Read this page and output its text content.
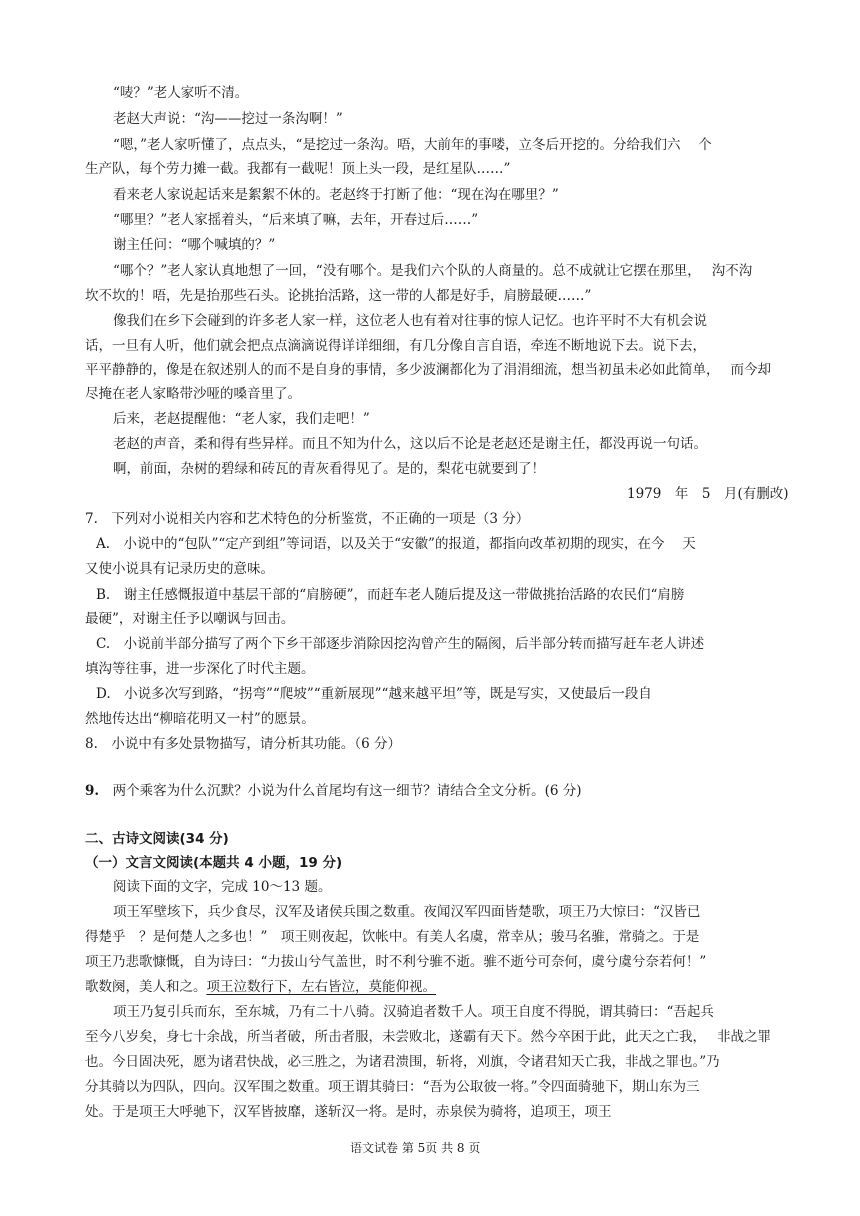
“唛？”老人家听不清。
老赵大声说：“沟——挖过一条沟啊！”
“嗯，”老人家听懂了，点点头，“是挖过一条沟。唔，大前年的事喽，立冬后开挖的。分给我们六　 个
生产队，每个劳力摊一截。我都有一截呢！顶上头一段，是红星队……”
看来老人家说起话来是絮絮不休的。老赵终于打断了他：“现在沟在哪里？”
“哪里？”老人家摇着头，“后来填了嘛，去年，开春过后……”
谢主任问：“哪个喊填的？”
“哪个？”老人家认真地想了一回，“没有哪个。是我们六个队的人商量的。总不成就让它摆在那里，　 沟不沟
坎不坎的！唔，先是抬那些石头。论挑抬活路，这一带的人都是好手，肩膀最硬……”
像我们在乡下会碰到的许多老人家一样，这位老人也有着对往事的惊人记忆。也许平时不大有机会说
话，一旦有人听，他们就会把点点滴滴说得详详细细，有几分像自言自语，牵连不断地说下去。说下去，
平平静静的，像是在叙述别人的而不是自身的事情，多少波澜都化为了涓涓细流，想当初虽未必如此简单，　 而今却
尽掩在老人家略带沙哑的嗓音里了。
后来，老赵提醒他：“老人家，我们走吧！”
老赵的声音，柔和得有些异样。而且不知为什么，这以后不论是老赵还是谢主任，都没再说一句话。
啊，前面，杂树的碧绿和砖瓦的青灰看得见了。是的，梨花屯就要到了！
1979　年　5　月(有删改)
7.　下列对小说相关内容和艺术特色的分析鉴赏，不正确的一项是（3 分）
A.　小说中的“包队”“定产到组”等词语，以及关于“安徽”的报道，都指向改革初期的现实，在今　 天
又使小说具有记录历史的意味。
B.　谢主任感慨报道中基层干部的“肩膀硬”，而赶车老人随后提及这一带做挑抬活路的农民们“肩膀
最硬”，对谢主任予以嘲讽与回击。
C.　小说前半部分描写了两个下乡干部逐步消除因挖沟曾产生的隔阂，后半部分转而描写赶车老人讲述
填沟等往事，进一步深化了时代主题。
D.　小说多次写到路，“拐弯”“爬坡”“重新展现”“越来越平坦”等，既是写实，又使最后一段自
然地传达出“柳暗花明又一村”的愿景。
8.　小说中有多处景物描写，请分析其功能。（6 分）
9.　两个乘客为什么沉默？小说为什么首尾均有这一细节？请结合全文分析。(6 分)
二、古诗文阅读(34 分)
（一）文言文阅读(本题共 4 小题，19 分)
阅读下面的文字，完成 10～13 题。
项王军壁垓下，兵少食尽，汉军及诸侯兵围之数重。夜闻汉军四面皆楚歌，项王乃大惊曰：“汉皆已
得楚乎　？是何楚人之多也！”　项王则夜起，饮帐中。有美人名虞，常幸从；骏马名骓，常骑之。于是
项王乃悲歌慷慨，自为诗曰：“力拔山兮气盖世，时不利兮骓不逝。骓不逝兮可奈何，虞兮虞兮奈若何！”
歌数阕，美人和之。项王泣数行下，左右皆泣，莫能仰视。
项王乃复引兵而东，至东城，乃有二十八骑。汉骑追者数千人。项王自度不得脱，谓其骑曰：“吾起兵
至今八岁矣，身七十余战，所当者破，所击者服，未尝败北，遂霸有天下。然今卒困于此，此天之亡我，　 非战之罪
也。今日固决死，愿为诸君快战，必三胜之，为诸君溃围，斩将，刈旗，令诸君知天亡我，非战之罪也。”乃
分其骑以为四队，四向。汉军围之数重。项王谓其骑曰：“吾为公取彼一将。”令四面骑驰下，期山东为三
处。于是项王大呼驰下，汉军皆披靡，遂斩汉一将。是时，赤泉侯为骑将，追项王，项王
语文试卷 第 5页 共 8 页
